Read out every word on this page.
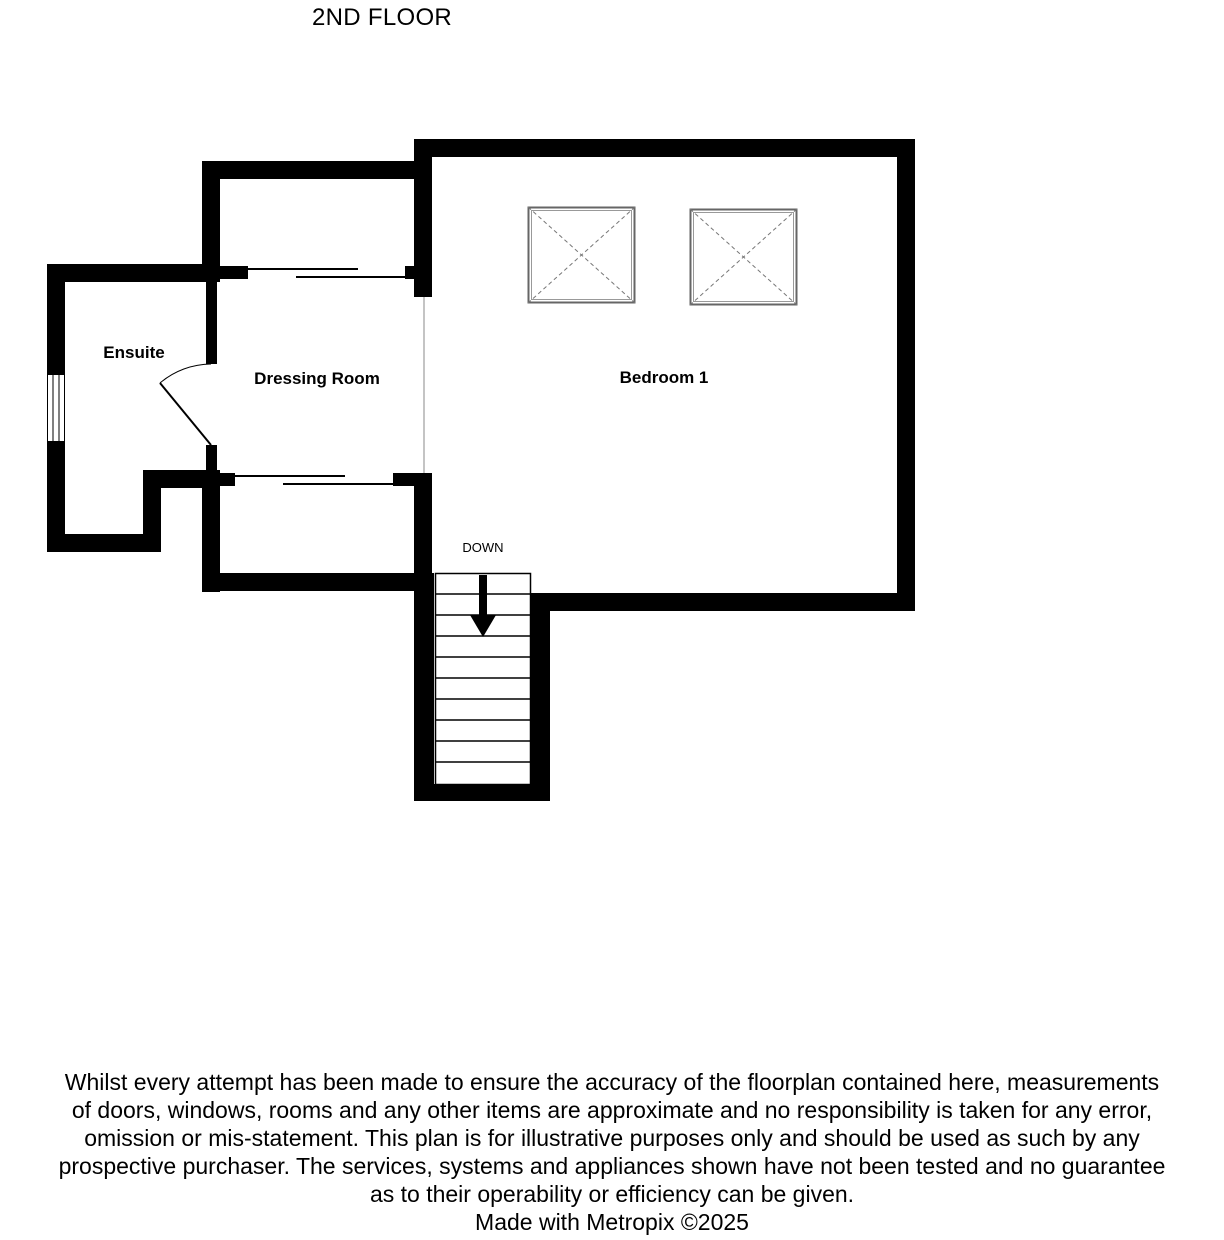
2ND FLOOR
Ensuite
Dressing Room	Bedroom 1
DOWN
Whilst every attempt has been made to ensure the accuracy of the floorplan contained here, measurements
of doors, windows, rooms and any other items are approximate and no responsibility is taken for any error,
omission or mis-statement. This plan is for illustrative purposes only and should be used as such by any
prospective purchaser. The services, systems and appliances shown have not been tested and no guarantee
as to their operability or efficiency can be given.
Made with Metropix ©2025
